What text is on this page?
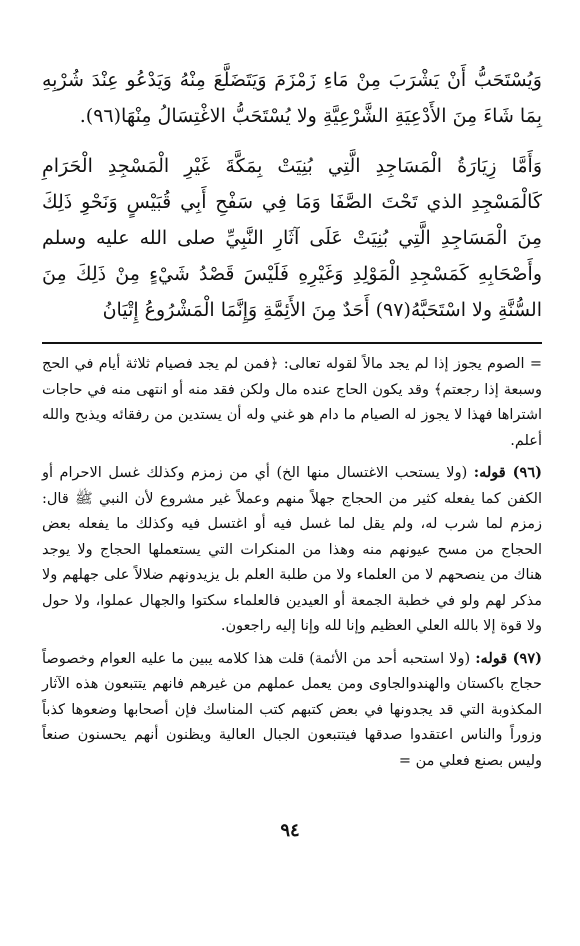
وَيُسْتَحَبُّ أَنْ يَشْرَبَ مِنْ مَاءِ زَمْزَمَ وَيَتَضَلَّعَ مِنْهُ وَيَدْعُو عِنْدَ شُرْبِهِ بِمَا شَاءَ مِنَ الأَدْعِيَةِ الشَّرْعِيَّةِ ولا يُسْتَحَبُّ الاغْتِسَالُ مِنْهَا(٩٦).

وَأَمَّا زِيَارَةُ الْمَسَاجِدِ الَّتِي بُنِيَتْ بِمَكَّةَ غَيْرِ الْمَسْجِدِ الْحَرَامِ كَالْمَسْجِدِ الذي تَحْتَ الصَّفَا وَمَا فِي سَفْحِ أَبِي قُبَيْسٍ وَنَحْوِ ذَلِكَ مِنَ الْمَسَاجِدِ الَّتِي بُنِيَتْ عَلَى آثَارِ النَّبِيِّ صلى الله عليه وسلم وأَصْحَابِهِ كَمَسْجِدِ الْمَوْلِدِ وَغَيْرِهِ فَلَيْسَ قَصْدُ شَيْءٍ مِنْ ذَلِكَ مِنَ السُّنَّةِ ولا اسْتَحَبَّهُ(٩٧) أَحَدٌ مِنَ الأَئِمَّةِ وَإِنَّمَا الْمَشْرُوعُ إِتْيَانُ

= الصوم يجوز إذا لم يجد مالاً لقوله تعالى: ﴿فمن لم يجد فصيام ثلاثة أيام في الحج وسبعة إذا رجعتم﴾ وقد يكون الحاج عنده مال ولكن فقد منه أو انتهى منه في حاجات اشتراها فهذا لا يجوز له الصيام ما دام هو غني وله أن يستدين من رفقائه ويذبح والله أعلم.

(٩٦) قوله: (ولا يستحب الاغتسال منها الخ) أي من زمزم وكذلك غسل الاحرام أو الكفن كما يفعله كثير من الحجاج جهلاً منهم وعملاً غير مشروع لأن النبي ﷺ قال: زمزم لما شرب له، ولم يقل لما غسل فيه أو اغتسل فيه وكذلك ما يفعله بعض الحجاج من مسح عيونهم منه وهذا من المنكرات التي يستعملها الحجاج ولا يوجد هناك من ينصحهم لا من العلماء ولا من طلبة العلم بل يزيدونهم ضلالاً على جهلهم ولا مذكر لهم ولو في خطبة الجمعة أو العيدين فالعلماء سكتوا والجهال عملوا، ولا حول ولا قوة إلا بالله العلي العظيم وإنا لله وإنا إليه راجعون.

(٩٧) قوله: (ولا استحبه أحد من الأئمة) قلت هذا كلامه يبين ما عليه العوام وخصوصاً حجاج باكستان والهندوالجاوى ومن يعمل عملهم من غيرهم فانهم يتتبعون هذه الآثار المكذوبة التي قد يجدونها في بعض كتبهم كتب المناسك فإن أصحابها وضعوها كذباً وزوراً والناس اعتقدوا صدقها فيتتبعون الجبال العالية ويظنون أنهم يحسنون صنعاً وليس بصنع فعلي من =

٩٤
